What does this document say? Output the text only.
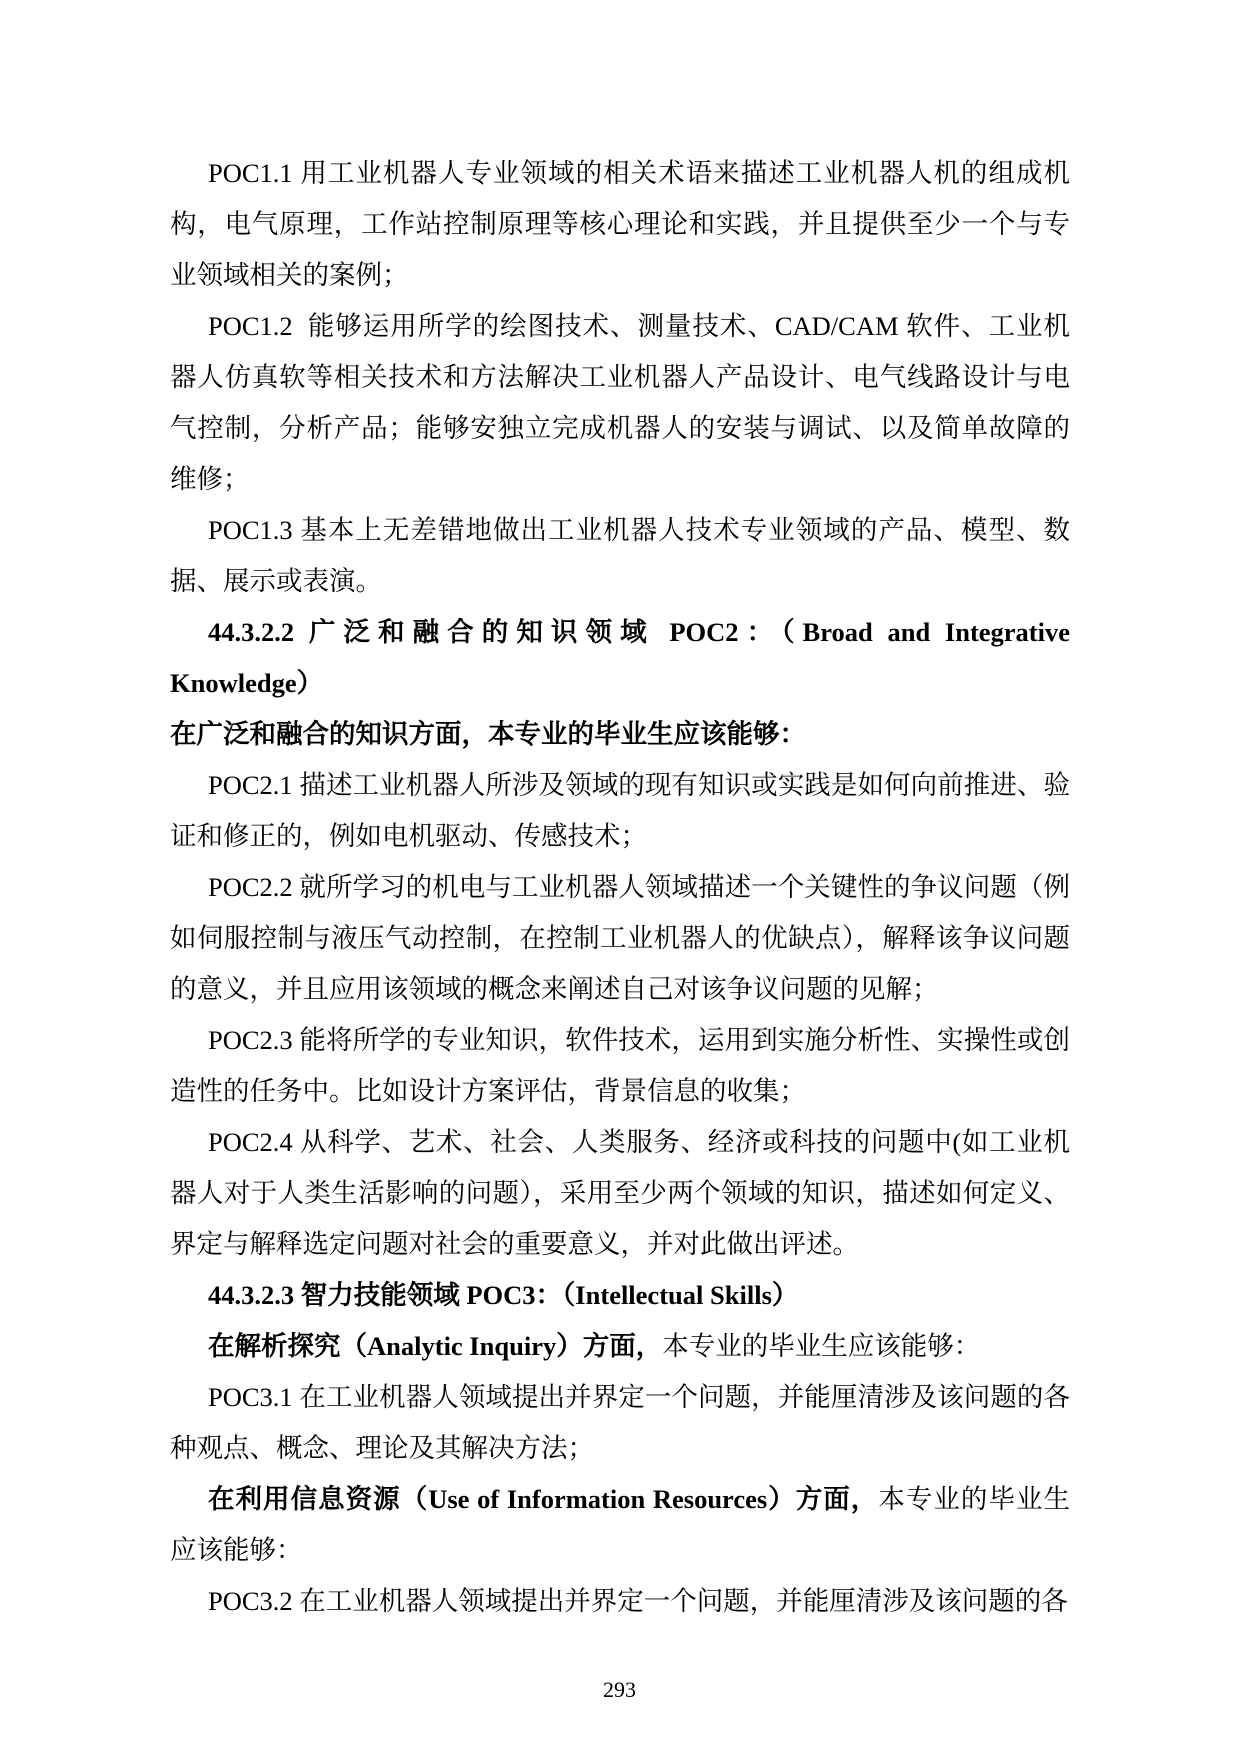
POC1.1 用工业机器人专业领域的相关术语来描述工业机器人机的组成机构，电气原理，工作站控制原理等核心理论和实践，并且提供至少一个与专业领域相关的案例；

POC1.2  能够运用所学的绘图技术、测量技术、CAD/CAM 软件、工业机器人仿真软等相关技术和方法解决工业机器人产品设计、电气线路设计与电气控制，分析产品；能够安独立完成机器人的安装与调试、以及简单故障的维修；

POC1.3 基本上无差错地做出工业机器人技术专业领域的产品、模型、数据、展示或表演。

44.3.2.2 广泛和融合的知识领域 POC2：（Broad and Integrative Knowledge）
在广泛和融合的知识方面，本专业的毕业生应该能够：

POC2.1 描述工业机器人所涉及领域的现有知识或实践是如何向前推进、验证和修正的，例如电机驱动、传感技术；

POC2.2 就所学习的机电与工业机器人领域描述一个关键性的争议问题（例如伺服控制与液压气动控制，在控制工业机器人的优缺点），解释该争议问题的意义，并且应用该领域的概念来阐述自己对该争议问题的见解；

POC2.3 能将所学的专业知识，软件技术，运用到实施分析性、实操性或创造性的任务中。比如设计方案评估，背景信息的收集；

POC2.4 从科学、艺术、社会、人类服务、经济或科技的问题中(如工业机器人对于人类生活影响的问题），采用至少两个领域的知识，描述如何定义、界定与解释选定问题对社会的重要意义，并对此做出评述。

44.3.2.3 智力技能领域 POC3：（Intellectual Skills）

在解析探究（Analytic Inquiry）方面，本专业的毕业生应该能够：

POC3.1 在工业机器人领域提出并界定一个问题，并能厘清涉及该问题的各种观点、概念、理论及其解决方法；

在利用信息资源（Use of Information Resources）方面，本专业的毕业生应该能够：

POC3.2 在工业机器人领域提出并界定一个问题，并能厘清涉及该问题的各

293
